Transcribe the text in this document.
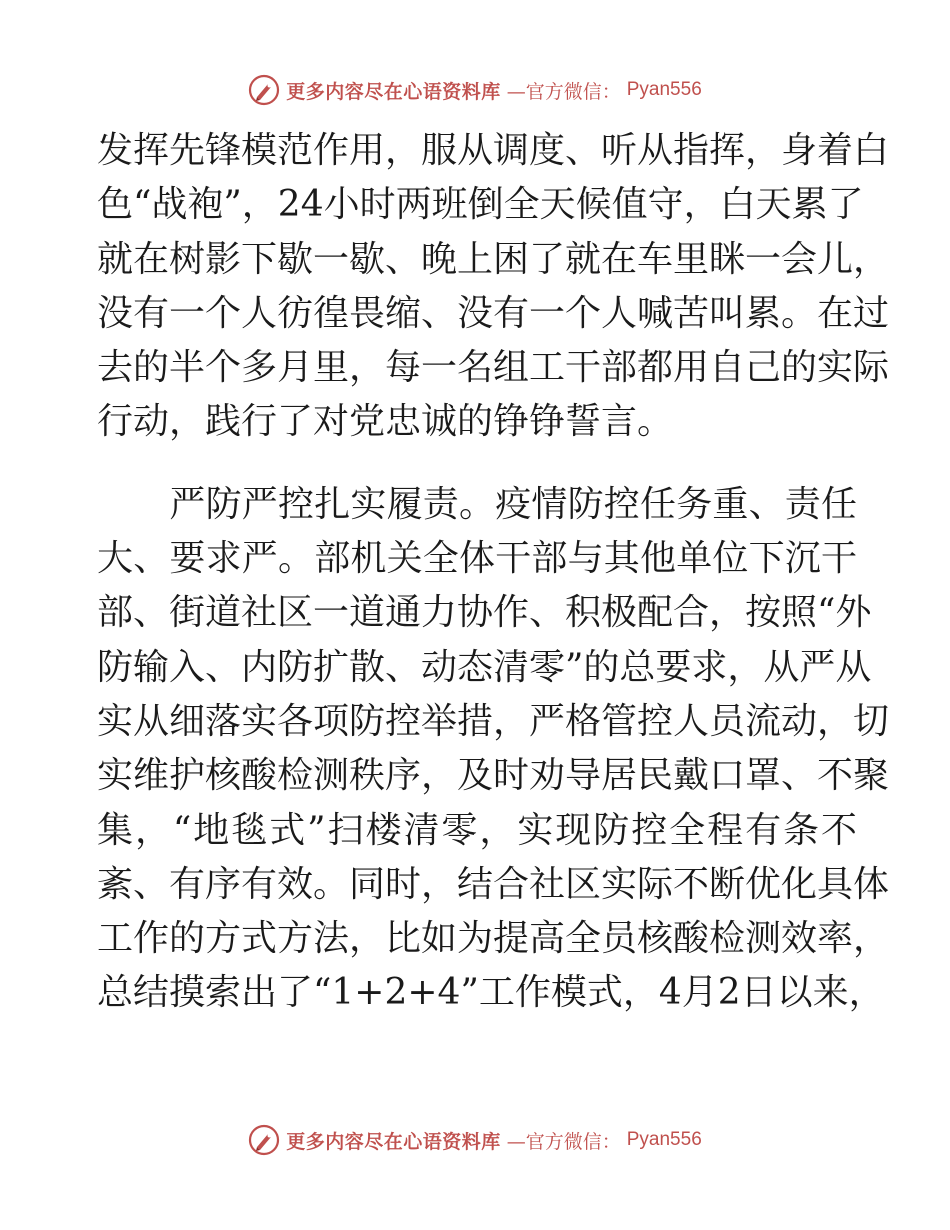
更多内容尽在心语资料库 —官方微信： Pyan556
发挥先锋模范作用，服从调度、听从指挥，身着白
色“战袍”，24小时两班倒全天候值守，白天累了
就在树影下歇一歇、晚上困了就在车里眯一会儿，
没有一个人彷徨畏缩、没有一个人喊苦叫累。在过
去的半个多月里，每一名组工干部都用自己的实际
行动，践行了对党忠诚的铮铮誓言。
　　严防严控扎实履责。疫情防控任务重、责任
大、要求严。部机关全体干部与其他单位下沉干
部、街道社区一道通力协作、积极配合，按照“外
防输入、内防扩散、动态清零”的总要求，从严从
实从细落实各项防控举措，严格管控人员流动，切
实维护核酸检测秩序，及时劝导居民戴口罩、不聚
集，“地毯式”扫楼清零，实现防控全程有条不
紊、有序有效。同时，结合社区实际不断优化具体
工作的方式方法，比如为提高全员核酸检测效率，
总结摸索出了“1+2+4”工作模式，4月2日以来，
更多内容尽在心语资料库 —官方微信： Pyan556
